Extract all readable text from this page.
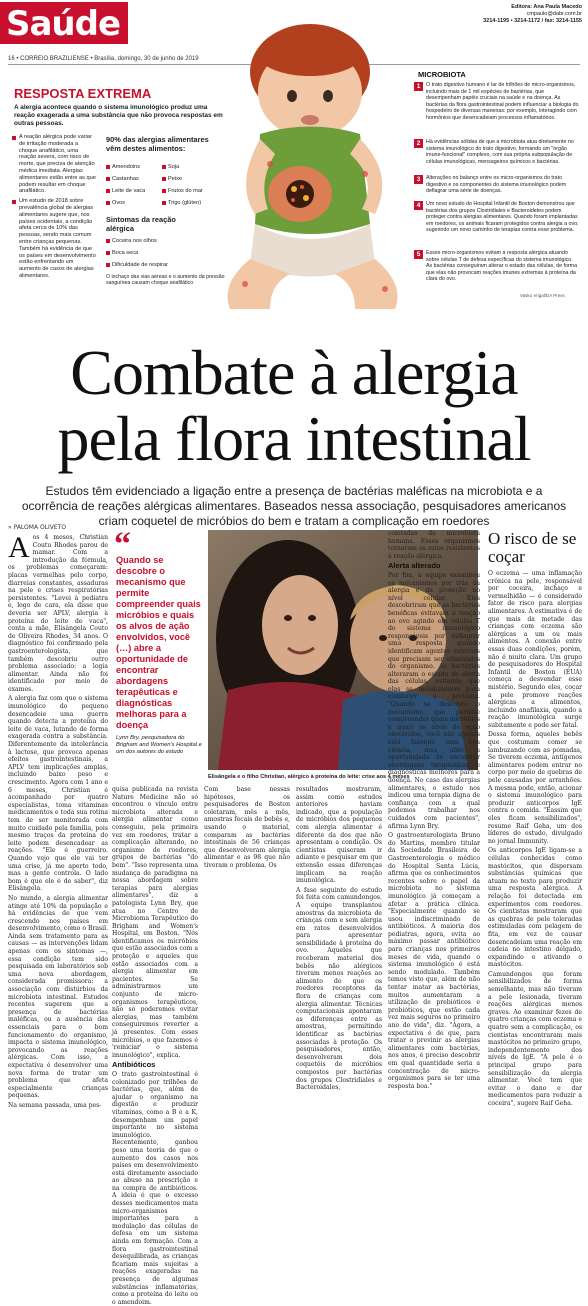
Saúde	Editora: Ana Paula Macedo
cmpaulo@dabr.com.br
3214-1195 • 3214-1172 / fax: 3214-1155
16 • CORREIO BRAZILIENSE • Brasília, domingo, 30 de junho de 2019
RESPOSTA EXTREMA
A alergia acontece quando o sistema imunológico produz uma reação exagerada a uma substância que não provoca respostas em outras pessoas.
A reação alérgica pode variar de irritação moderada a choque anafilático, uma reação severa, com risco de morte, que precisa de atenção médica imediata. Alergias alimentares estão entre as que podem resultar em choque anafilático.
Um estudo de 2018 sobre prevalência global de alergias alimentares sugere que, nos países ocidentais, a condição afeta cerca de 10% das pessoas, sendo mais comum entre crianças pequenas. Também há evidência de que os países em desenvolvimento estão enfrentando um aumento de casos de alergias alimentares.
90% das alergias alimentares vêm destes alimentos:
Amendoins	Soja
Castanhas	Peixe
Leite de vaca	Frutos do mar
Ovos	Trigo (glúten)
Sintomas da reação alérgica
Coceira nos olhos
Boca seca
Dificuldade de respirar
O inchaço das vias aéreas e o aumento da pressão sanguínea causam choque anafilático
MICROBIOTA
1	O trato digestivo humano é lar de trilhões de micro-organismos, incluindo mais de 1 mil espécies de bactérias, que desempenham papéis cruciais na saúde e na doença. As bactérias da flora gastrointestinal podem influenciar a biologia do hospedeiro de diversas maneiras: por exemplo, interagindo com hormônios que desencadeiam processos inflamatórios.
2	Há evidências sólidas de que a microbiota atua diretamente no sistema imunológico do trato digestivo, formando um "órgão imune-funcional" complexo, com sua própria subpopulação de células imunológicas, mensageiros químicos e bactérias.
3	Alterações no balanço entre os micro-organismos do trato digestivo e os componentes do sistema imunológico podem deflagrar uma série de doenças.
4	Um novo estudo do Hospital Infantil de Boston demonstrou que bactérias dos grupos Clostridiales e Bacteroidetes podem proteger contra alergias alimentares. Quando foram implantadas em roedores, os animais ficaram protegidos contra alergia a ovo, sugerindo um novo caminho de terapias contra esse problema.
5	Esses micro-organismos evitam a resposta alérgica atuando sobre células T de defesa específicas do sistema imunológico. As bactérias conseguiram alterar o estado das células, de forma que elas não provocam reações imunes extremas à proteína da clara do ovo.
Vasko Vrigal/DA Press
Combate à alergia
pela flora intestinal
Estudos têm evidenciado a ligação entre a presença de bactérias maléficas na microbiota e a ocorrência de reações alérgicas alimentares. Baseados nessa associação, pesquisadores americanos criam coquetel de micróbios do bem e tratam a complicação em roedores
» PALOMA OLIVETO

Aos 4 meses, Christian Coutu Rhodes parou de mamar. Com a introdução da fórmula, os problemas começaram: placas vermelhas pelo corpo, diarreias constantes, assaduras na pele e crises respiratórias persistentes. "Levei à pediatra e, logo de cara, ela disse que deveria ser APLV, alergia à proteína do leite de vaca", conta a mãe, Elisângela Couto de Oliveira Rhodes, 34 anos. O diagnóstico foi confirmado pela gastroenterologista, que também descobriu outro problema associado: a logia alimentar. Ainda não foi identificado por meio de exames.

A alergia faz com que o sistema imunológico do pequeno desencadeie uma guerra quando detecta a proteína do leite de vaca, lutando de forma exagerada contra a substância. Diferentemente da intolerância à lactose, que provoca apenas efeitos gastrointestinais, a APLV tem implicações amplas, incluindo baixo peso e crescimento. Agora com 1 ano e 6 meses, Christian é acompanhado por quatro especialistas, toma vitaminas medicamentos e toda sua rotina tem de ser monitorada com muito cuidado pela família, pois mesmo traços da proteína do leite podem desencadear as reações. "Ele é guerreiro. Quando vejo que ele vai ter uma crise, já me aperto todo, mas a gente controla. O lado bom é que ele é de saber", diz Elisângela.

No mundo, a alergia alimentar atinge até 10% da população e há evidências de que vem crescendo nos países em desenvolvimento, como o Brasil. Ainda sem tratamento para as causas — as intervenções lidam apenas com os sintomas —, essa condição tem sido pesquisada em laboratórios sob uma nova abordagem, considerada promissora: a associação com distúrbios da microbiota intestinal. Estudos recentes sugerem que a presença de bactérias maléficas, ou a ausência das essenciais para o bom funcionamento do organismo, impacta o sistema imunológico, provocando as reações alérgicas. Com isso, a expectativa é desenvolver uma nova forma de tratar um problema que afeta especialmente crianças pequenas.

Na semana passada, uma pes-

“
Quando se descobre o mecanismo que permite compreender quais micróbios e quais os alvos de ação envolvidos, você (…) abre a oportunidade de encontrar abordagens terapêuticas e diagnósticas melhoras para a doença
Lynn Bry, pesquisadora do Brigham and Women's Hospital e um dos autores do estudo
Elisângela e o filho Christian, alérgico à proteína do leite: crise aos 4 meses

quisa publicada na revista Nature Medicine não só encontrou o vínculo entre microbiota alterada e alergia alimentar como conseguiu, pela primeira vez em roedores, tratar a complicação alterando, no organismo de roedores, grupos de bactérias "do bem". "Isso representa uma mudança de paradigma na nossa abordagem sobre terapias para alergias alimentares", diz a patologista Lynn Bry, que atua no Centro de Microbioma Terapêutico do Brigham and Women's Hospital, em Boston. "Nós identificamos os micróbios que estão associados com a proteção e aqueles que estão associados com a alergia alimentar em pacientes. Se administrarmos um conjunto de micro-organismos terapêuticos, não só poderemos evitar alergias, mas também conseguiremos reverter a já presentes. Com esses micróbios, o que fazemos é 'reiniciar' o sistema imunológico", explica.

Antibióticos

O trato gastrointestinal é colonizado por trilhões de bactérias, que, além de ajudar o organismo na digestão e produzir vitaminas, como a B e a K, desempenham um papel importante no sistema imunológico. Recentemente, ganhou peso uma teoria de que o aumento dos casos nos países em desenvolvimento está diretamente associado ao abuso na prescrição e na compra de antibióticos. A ideia é que o excesso desses medicamentos mata micro-organismos importantes para a modulação das células de defesa em um sistema ainda em formação. Com a flora gastrointestinal desequilibrada, as crianças ficariam mais sujeitas a reações exageradas na presença de algumas substâncias inflamatórias, como a proteína do leite ou o amendoim.

Com base nessas hipóteses, os pesquisadores de Boston coletaram, mês a mês, amostras fecais de bebês e, usando o material, comparam as bactérias intestinais de 56 crianças que desenvolveram alergia alimentar e as 98 que não tiveram o problema. Os

resultados mostraram, assim como estudos anteriores haviam indicado, que a população de micróbios dos pequenos com alergia alimentar é diferente da dos que não apresentam a condição. Os cientistas quiseram ir adiante e pesquisar em que extensão essas diferenças implicam na reação imunológica.

A fase seguinte do estudo foi feita com camundongos. A equipe transplantou amostras da microbiota de crianças com e sem alergia em ratos desenvolvidos para apresentar sensibilidade à proteína do ovo. Aqueles que receberam material dos bebês não alérgicos tiveram menos reações ao alimento do que os roedores receptores da flora de crianças com alergia alimentar. Técnicas computacionais apontaram as diferenças entre as amostras, permitindo identificar as bactérias associadas à proteção. Os pesquisadores, então, desenvolveram dois coquetéis de micróbios compostos por bactérias dos grupos Clostridiales e Bacteroidales,

coletadas da microbiota humana. Esses organismos tornaram os ratos resistentes à reação alérgica.

Alerta alterado

Por fim, a equipe examinou os mecanismos por trás da alergia e da proteção no nível celular. Eles descobriram que as bactérias benéficas evitavam a reação ao ovo agindo em células T do sistema imunológico responsáveis por deflagrar uma resposta quando identificam agentes externos que precisam ser eliminados do organismo. As bactérias alteraram o estado de alerta das células, evitando que elas se mobilizassem para combater a proteína. "Quando se descobre o mecanismo que permite compreender quais micróbios e quais os alvos de ação envolvidos, você não apenas está fazendo uma boa ciência, mas abre a oportunidade de encontrar abordagens terapêuticas e diagnósticas melhores para a doença. No caso das alergias alimentares, o estudo nos indicou uma terapia digna de confiança com a qual podemos trabalhar nos cuidados com pacientes", afirma Lynn Bry.

O gastroenterologista Bruno do Martins, membro titular da Sociedade Brasileira de Gastroenterologia e médico do Hospital Santa Lúcia, afirma que os conhecimentos recentes sobre o papel da microbiota no sistema imunológico já começam a afetar a prática clínica. "Especialmente quando se usou indiscriminado de antibióticos. A maioria dos pediatras, agora, evita ao máximo passar antibiótico para crianças nos primeiros meses de vida, quando o sistema imunológico é está sendo modulado. Também temos visto que, além de não tentar matar as bactérias, muitos aumentaram a utilização de prebióticos e probióticos, que estão cada vez mais seguros no primeiro ano de vida", diz. "Agora, a expectativa é de que, para tratar o previnir as alergias alimentares com bactérias, nos anos, é preciso descobrir em qual quantidade seria a concentração de micro-organismos para se ter uma resposta boa."

O risco de se coçar

O eczema — uma inflamação crônica na pele, responsável por coceira, inchaço e vermelhidão — é considerado fator de risco para alergias alimentares. A estimativa é de que mais da metade das crianças com eczema são alérgicas a um ou mais alimentos. A conexão entre essas duas condições, porém, não é muito clara. Um grupo de pesquisadores do Hospital Infantil de Boston (EUA) começa a desvendar esse mistério. Segundo eles, coçar a pele promove reações alérgicas a alimentos, incluindo anafilaxia, quando a reação imunológica surge subitamente e pode ser fatal.

Dessa forma, aqueles bebês que costumam comer se lambuzando com as pomadas, Se tiverem eczema, antígenos alimentares podem entrar no corpo por meio de quebras de pele causadas por arranhões. A mesma pode, então, acionar o sistema imunológico para produzir anticorpos IgE contra o comida. "Eassim que eles ficam sensibilizados", resume Raif Geha, um dos líderes do estudo, divulgado no jornal Immunity.

Os anticorpos IgE ligam-se a células conhecidas como mastócitos, que dispersam substâncias químicas que atuam no texto para produzir uma resposta alérgica. A relação foi detectada em experimentos com roedores. Os cientistas mostraram que as quebras de pele toleradas estimuladas com pelagem de fita, em vez de causar desencadeiam uma reação em cadeia no intestino delgado, expandindo e ativando o mastócitos.

Camundongos que foram sensibilizados de forma semelhante, mas não tiveram a pele lesionada, tiveram reações alérgicas menos graves. Ao examinar fezes de quatro crianças com eczema e quatro sem a complicação, os cientistas encontraram mais mastócitos no primeiro grupo, independentemente dos níveis de IgE. "A pele é o principal grupo para sensibilização da alergia alimentar. Você tem que evitar o dano e dar medicamentos para reduzir a coceira", sugere Raif Geha.
